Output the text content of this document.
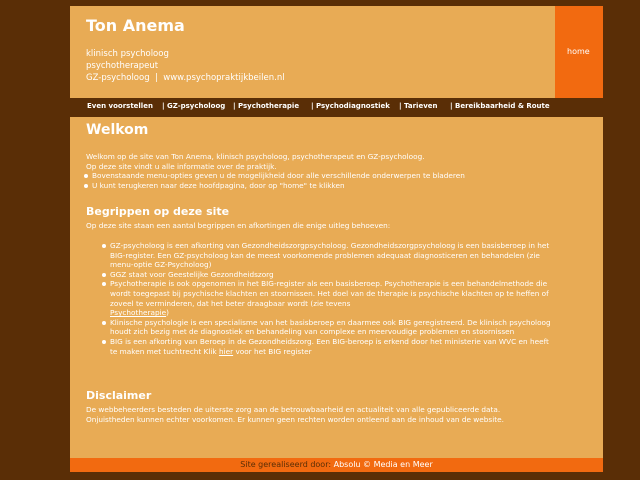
Ton Anema
klinisch psycholoog
psychotherapeut
GZ-psycholoog  |  www.psychopraktijkbeilen.nl
home
Even voorstellen | GZ-psycholoog | Psychotherapie | Psychodiagnostiek | Tarieven | Bereikbaarheid & Route
Welkom
Welkom op de site van Ton Anema, klinisch psycholoog, psychotherapeut en GZ-psycholoog.
Op deze site vindt u alle informatie over de praktijk.
Bovenstaande menu-opties geven u de mogelijkheid door alle verschillende onderwerpen te bladeren
U kunt terugkeren naar deze hoofdpagina, door op "home" te klikken
Begrippen op deze site
Op deze site staan een aantal begrippen en afkortingen die enige uitleg behoeven:
GZ-psycholoog is een afkorting van Gezondheidszorgpsycholoog. Gezondheidszorgpsycholoog is een basisberoep in het BIG-register. Een GZ-psycholoog kan de meest voorkomende problemen adequaat diagnosticeren en behandelen (zie menu-optie GZ-Psycholoog)
GGZ staat voor Geestelijke Gezondheidszorg
Psychotherapie is ook opgenomen in het BIG-register als een basisberoep. Psychotherapie is een behandelmethode die wordt toegepast bij psychische klachten en stoornissen. Het doel van de therapie is psychische klachten op te heffen of zoveel te verminderen, dat het beter draagbaar wordt (zie tevens
Psychotherapie)
Klinische psychologie is een specialisme van het basisberoep en daarmee ook BIG geregistreerd. De klinisch psycholoog houdt zich bezig met de diagnostiek en behandeling van complexe en meervoudige problemen en stoornissen
BIG is een afkorting van Beroep in de Gezondheidszorg. Een BIG-beroep is erkend door het ministerie van WVC en heeft te maken met tuchtrecht Klik hier voor het BIG register
Disclaimer
De webbeheerders besteden de uiterste zorg aan de betrouwbaarheid en actualiteit van alle gepubliceerde data.
Onjuistheden kunnen echter voorkomen. Er kunnen geen rechten worden ontleend aan de inhoud van de website.
Site gerealiseerd door: Absolu © Media en Meer
